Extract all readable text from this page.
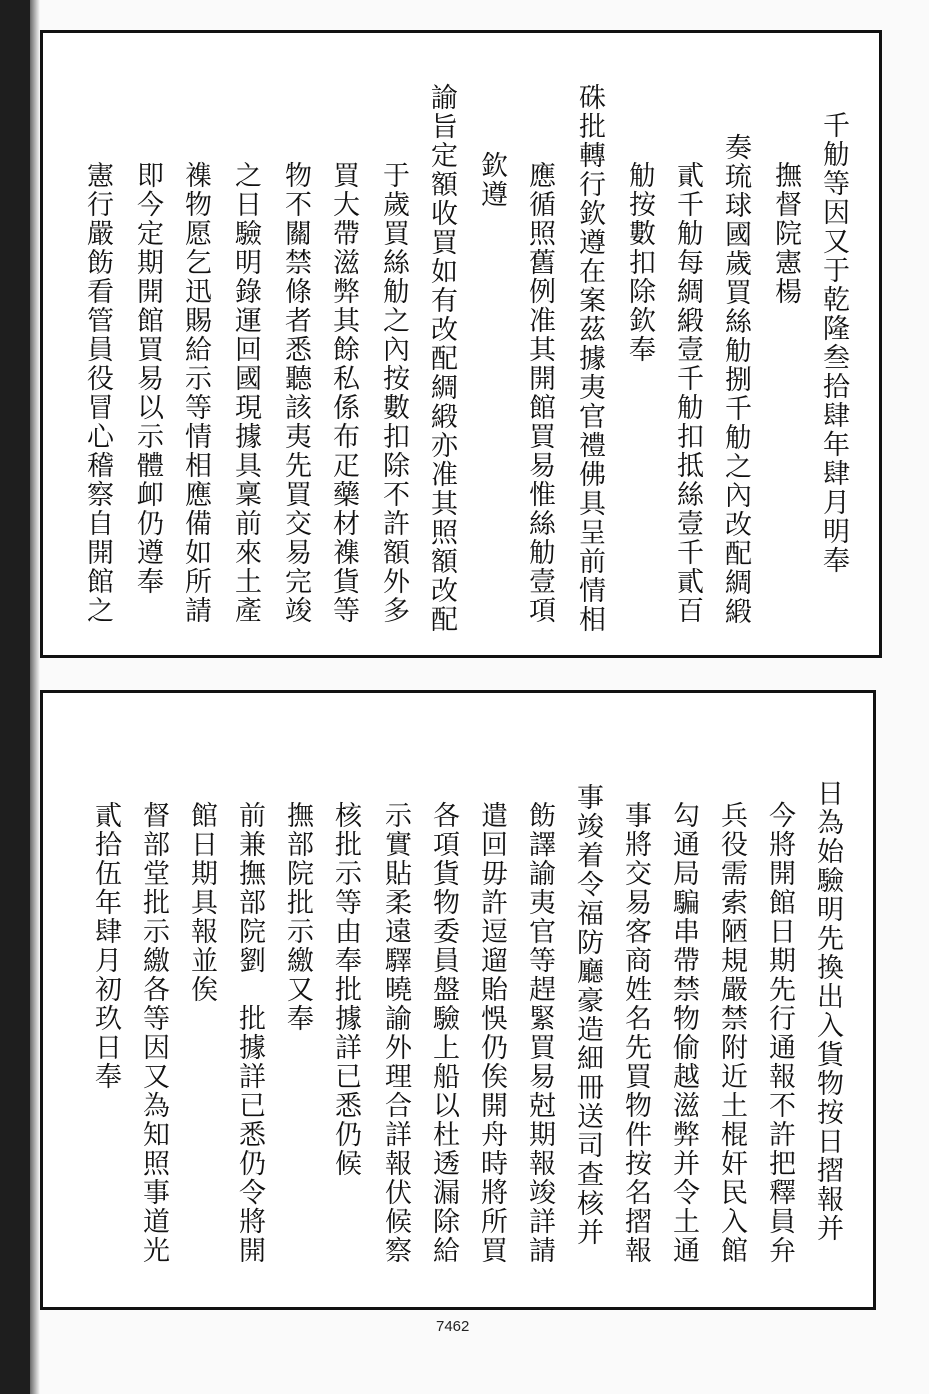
千觔等因又于乾隆叁拾肆年肆月明奉
撫督院憲楊
奏琉球國歲買絲觔捌千觔之內改配綢緞
貳千觔每綢緞壹千觔扣抵絲壹千貳百
觔按數扣除欽奉
硃批轉行欽遵在案茲據夷官禮佛具呈前情相
應循照舊例准其開館買易惟絲觔壹項
欽遵
諭旨定額收買如有改配綢緞亦准其照額改配
于歲買絲觔之內按數扣除不許額外多
買大帶滋弊其餘私係布疋藥材襍貨等
物不關禁條者悉聽該夷先買交易完竣
之日驗明錄運回國現據具稟前來土產
襍物愿乞迅賜給示等情相應備如所請
即今定期開館買易以示體卹仍遵奉
憲行嚴飭看管員役冒心稽察自開館之
日為始驗明先換出入貨物按日摺報并
今將開館日期先行通報不許把釋員弁
兵役需索陋規嚴禁附近土棍奸民入館
勾通局騙串帶禁物偷越滋弊并令土通
事將交易客商姓名先買物件按名摺報
事竣着令福防廳豪造細冊送司查核并
飭譯諭夷官等趕緊買易尅期報竣詳請
遣回毋許逗遛貽悞仍俟開舟時將所買
各項貨物委員盤驗上船以杜透漏除給
示實貼柔遠驛曉諭外理合詳報伏候察
核批示等由奉批據詳已悉仍候
撫部院批示繳又奉
前兼撫部院劉　批據詳已悉仍令將開
館日期具報並俟
督部堂批示繳各等因又為知照事道光
貳拾伍年肆月初玖日奉
7462
